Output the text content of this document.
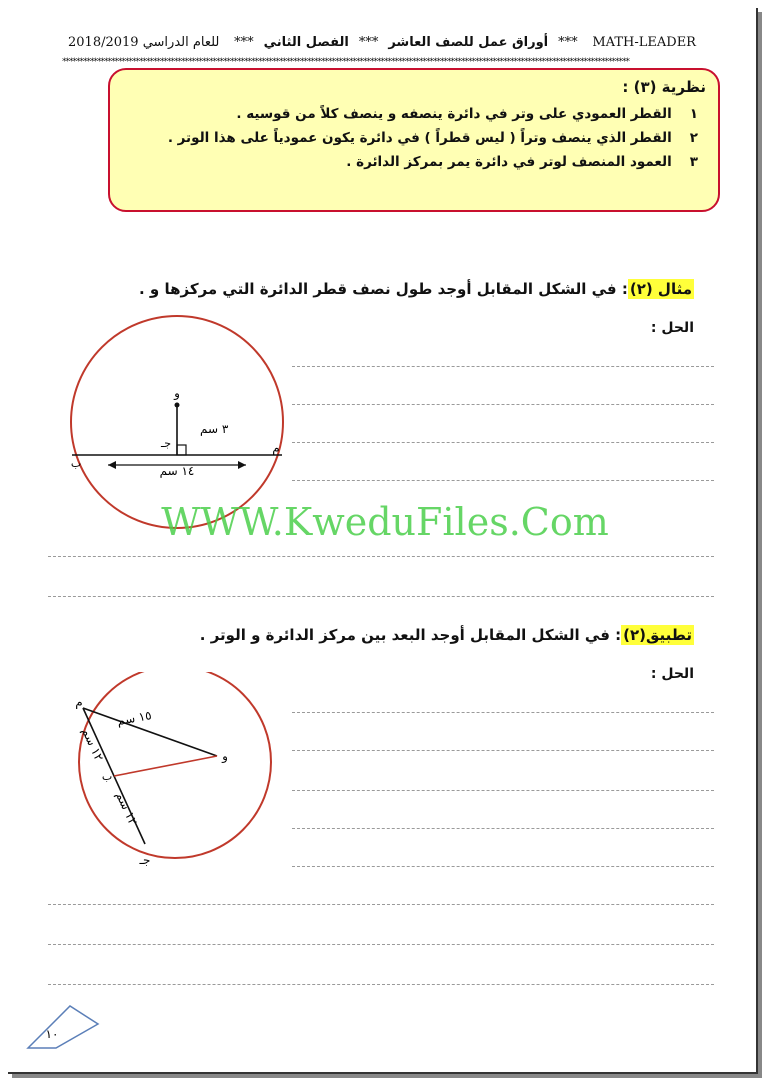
2018/2019 للعام الدراسي *** الفصل الثاني *** أوراق عمل للصف العاشر *** MATH-LEADER
******************************************************************************************************************************************************************
نظرية (٣) :
١
القطر العمودي على وتر في دائرة ينصفه و ينصف كلاً من قوسيه .
٢
القطر الذي ينصف وتراً ( ليس قطراً ) في دائرة يكون عمودياً على هذا الوتر .
٣
العمود المنصف لوتر في دائرة يمر بمركز الدائرة .
مثال (٢): في الشكل المقابل أوجد طول نصف قطر الدائرة التي مركزها و .
الحل :
و
جـ
ب
م
٣ سم
١٤ سم
WWW.KweduFiles.Com
تطبيق(٢): في الشكل المقابل أوجد البعد بين مركز الدائرة و الوتر .
الحل :
م
و
جـ
١٥ سم
١٢ سم
١٢ سم
ب
١٠
